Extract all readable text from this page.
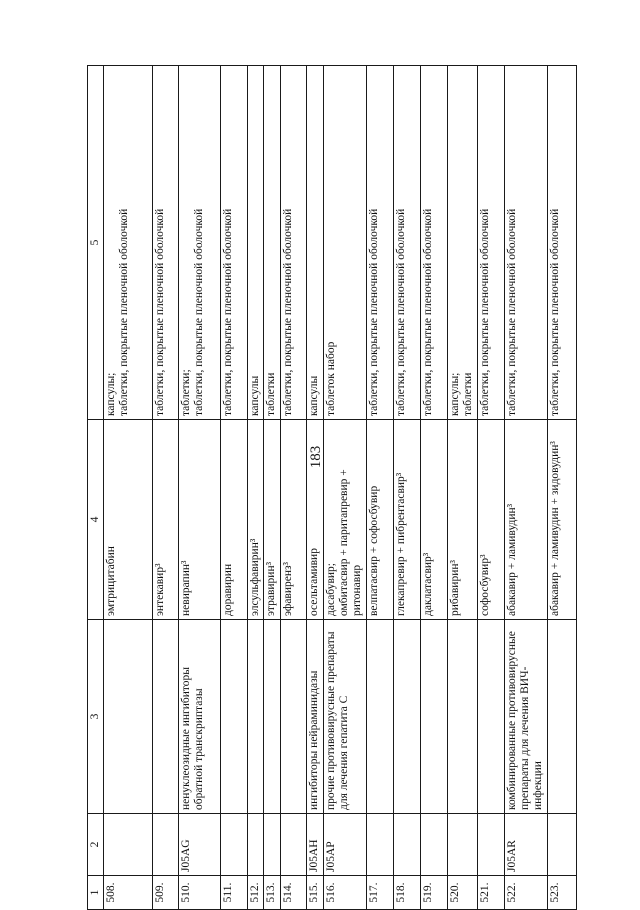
183
1	2	3	4	5
508.			эмтрицитабин	капсулы;
таблетки, покрытые пленочной оболочкой
509.			энтекавир³	таблетки, покрытые пленочной оболочкой
510.	J05AG	ненуклеозидные ингибиторы обратной транскриптазы	невирапин³	таблетки;
таблетки, покрытые пленочной оболочкой
511.			доравирин	таблетки, покрытые пленочной оболочкой
512.			элсульфавирин³	капсулы
513.			этравирин³	таблетки
514.			эфавиренз³	таблетки, покрытые пленочной оболочкой
515.	J05AH	ингибиторы нейраминидазы	осельтамивир	капсулы
516.	J05AP	прочие противовирусные препараты для лечения гепатита C	дасабувир;
омбитасвир + паритапревир + ритонавир	таблеток набор
517.			велпатасвир + софосбувир	таблетки, покрытые пленочной оболочкой
518.			глекапревир + пибрентасвир³	таблетки, покрытые пленочной оболочкой
519.			даклатасвир³	таблетки, покрытые пленочной оболочкой
520.			рибавирин³	капсулы;
таблетки
521.			софосбувир³	таблетки, покрытые пленочной оболочкой
522.	J05AR	комбинированные противовирусные препараты для лечения ВИЧ-инфекции	абакавир + ламивудин³	таблетки, покрытые пленочной оболочкой
523.			абакавир + ламивудин + зидовудин³	таблетки, покрытые пленочной оболочкой
